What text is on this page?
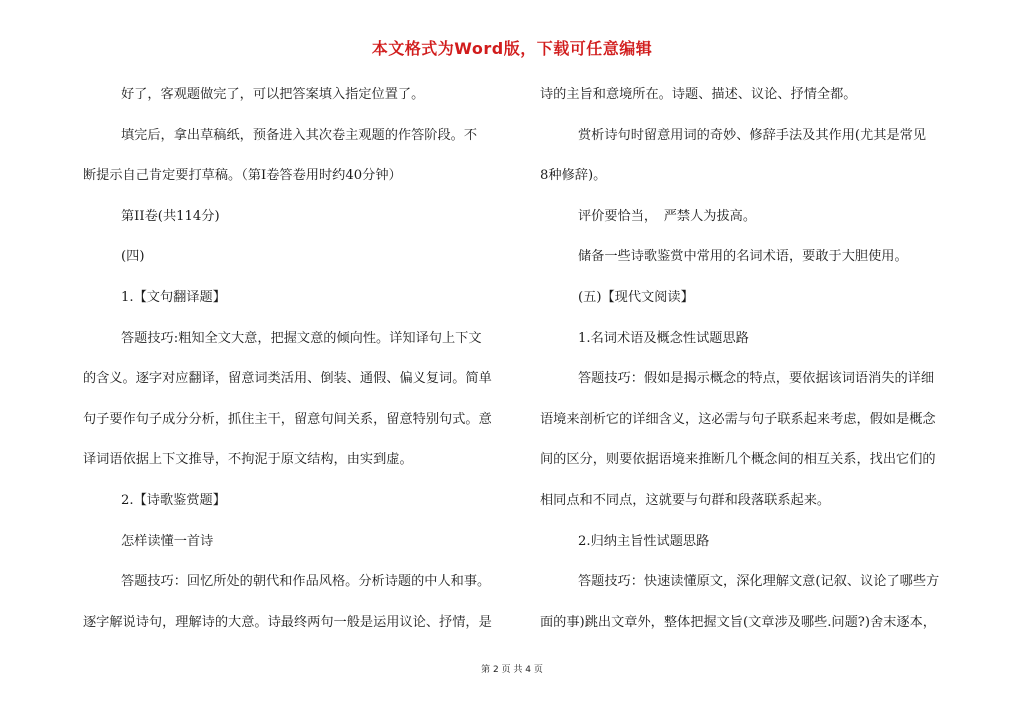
本文格式为Word版，下载可任意编辑
好了，客观题做完了，可以把答案填入指定位置了。
填完后，拿出草稿纸，预备进入其次卷主观题的作答阶段。不
断提示自己肯定要打草稿。（第I卷答卷用时约40分钟）
第II卷(共114分)
(四)
1.【文句翻译题】
答题技巧:粗知全文大意，把握文意的倾向性。详知译句上下文
的含义。逐字对应翻译，留意词类活用、倒装、通假、偏义复词。简单
句子要作句子成分分析，抓住主干，留意句间关系，留意特别句式。意
译词语依据上下文推导，不拘泥于原文结构，由实到虚。
2.【诗歌鉴赏题】
怎样读懂一首诗
答题技巧：回忆所处的朝代和作品风格。分析诗题的中人和事。
逐字解说诗句，理解诗的大意。诗最终两句一般是运用议论、抒情，是
诗的主旨和意境所在。诗题、描述、议论、抒情全都。
赏析诗句时留意用词的奇妙、修辞手法及其作用(尤其是常见
8种修辞)。
评价要恰当，　严禁人为拔高。
储备一些诗歌鉴赏中常用的名词术语，要敢于大胆使用。
(五)【现代文阅读】
1.名词术语及概念性试题思路
答题技巧：假如是揭示概念的特点，要依据该词语消失的详细
语境来剖析它的详细含义，这必需与句子联系起来考虑，假如是概念
间的区分，则要依据语境来推断几个概念间的相互关系，找出它们的
相同点和不同点，这就要与句群和段落联系起来。
2.归纳主旨性试题思路
答题技巧：快速读懂原文，深化理解文意(记叙、议论了哪些方
面的事)跳出文章外，整体把握文旨(文章涉及哪些.问题?)舍末逐本，
第 2 页 共 4 页
